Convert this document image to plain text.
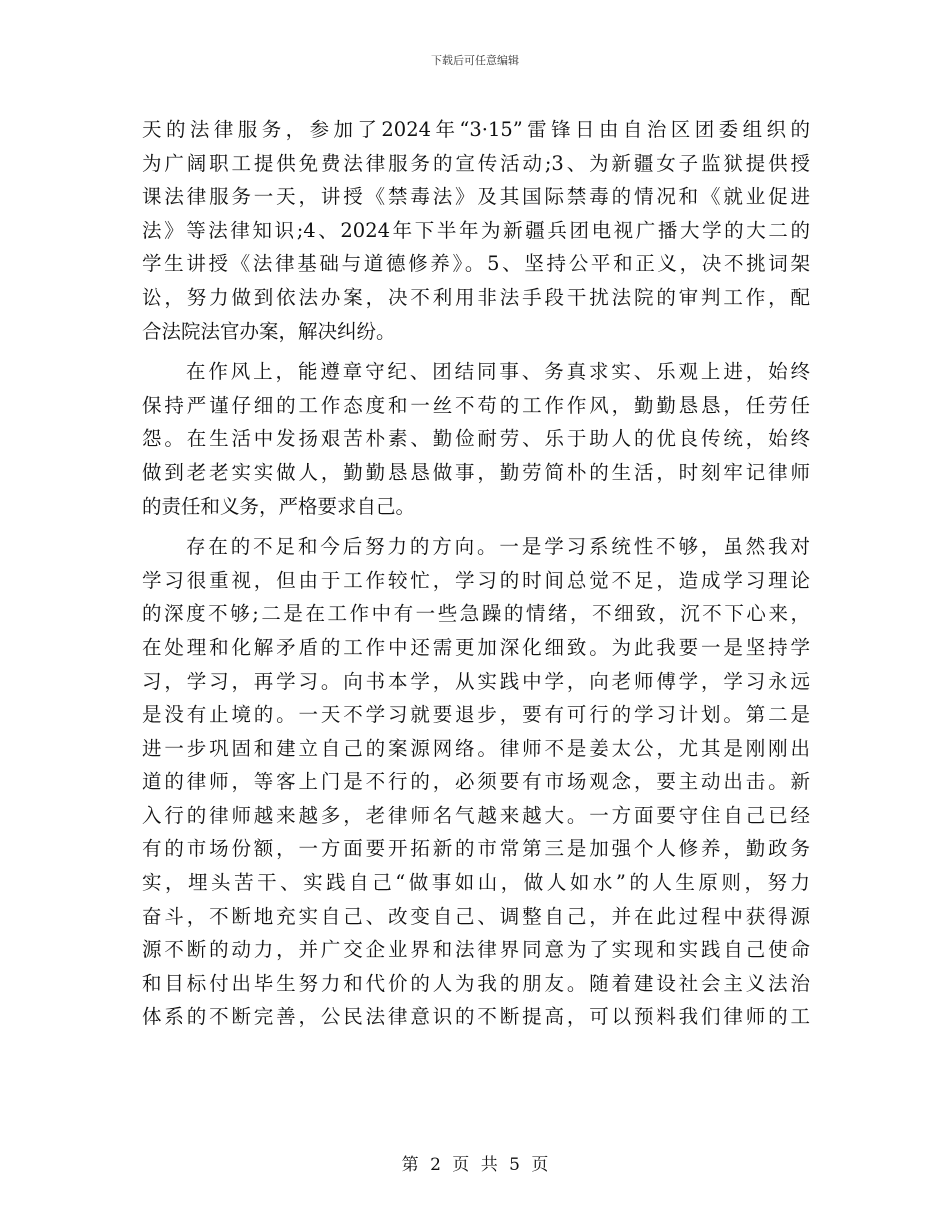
下载后可任意编辑
天的法律服务，参加了2024年“3·15”雷锋日由自治区团委组织的
为广阔职工提供免费法律服务的宣传活动;3、为新疆女子监狱提供授
课法律服务一天，讲授《禁毒法》及其国际禁毒的情况和《就业促进
法》等法律知识;4、2024年下半年为新疆兵团电视广播大学的大二的
学生讲授《法律基础与道德修养》。5、坚持公平和正义，决不挑词架
讼，努力做到依法办案，决不利用非法手段干扰法院的审判工作，配
合法院法官办案，解决纠纷。
在作风上，能遵章守纪、团结同事、务真求实、乐观上进，始终
保持严谨仔细的工作态度和一丝不苟的工作作风，勤勤恳恳，任劳任
怨。在生活中发扬艰苦朴素、勤俭耐劳、乐于助人的优良传统，始终
做到老老实实做人，勤勤恳恳做事，勤劳简朴的生活，时刻牢记律师
的责任和义务，严格要求自己。
存在的不足和今后努力的方向。一是学习系统性不够，虽然我对
学习很重视，但由于工作较忙，学习的时间总觉不足，造成学习理论
的深度不够;二是在工作中有一些急躁的情绪，不细致，沉不下心来，
在处理和化解矛盾的工作中还需更加深化细致。为此我要一是坚持学
习，学习，再学习。向书本学，从实践中学，向老师傅学，学习永远
是没有止境的。一天不学习就要退步，要有可行的学习计划。第二是
进一步巩固和建立自己的案源网络。律师不是姜太公，尤其是刚刚出
道的律师，等客上门是不行的，必须要有市场观念，要主动出击。新
入行的律师越来越多，老律师名气越来越大。一方面要守住自己已经
有的市场份额，一方面要开拓新的市常第三是加强个人修养，勤政务
实，埋头苦干、实践自己“做事如山，做人如水”的人生原则，努力
奋斗，不断地充实自己、改变自己、调整自己，并在此过程中获得源
源不断的动力，并广交企业界和法律界同意为了实现和实践自己使命
和目标付出毕生努力和代价的人为我的朋友。随着建设社会主义法治
体系的不断完善，公民法律意识的不断提高，可以预料我们律师的工
第 2 页 共 5 页
